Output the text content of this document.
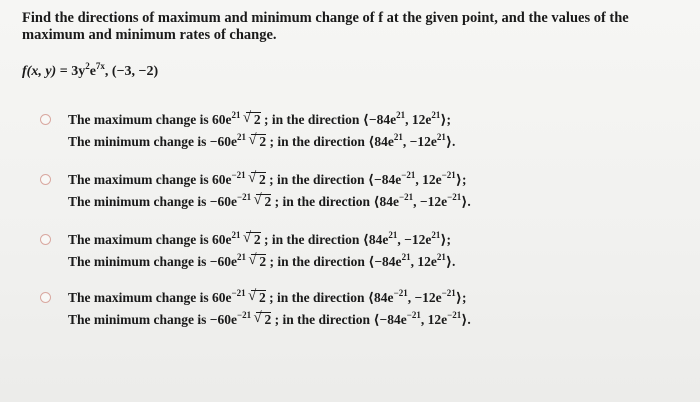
Find the directions of maximum and minimum change of f at the given point, and the values of the maximum and minimum rates of change.
f(x, $y) = 3y^2e^{7x}$, (−3, −2)
The maximum change is $60e^{21}$ √ 2 ; in the direction $⟨-84e^{21}$, $12e^{21}⟩$;
The minimum change is $-60e^{21}$ √ 2 ; in the direction $⟨84e^{21}$, $-12e^{21}⟩$.
The maximum change is $60e^{-21}$ √ 2 ; in the direction $⟨-84e^{-21}$, $12e^{-21}⟩$;
The minimum change is $-60e^{-21}$ √ 2 ; in the direction $⟨84e^{-21}$, $-12e^{-21}⟩$.
The maximum change is $60e^{21}$ √ 2 ; in the direction $⟨84e^{21}$, $-12e^{21}⟩$;
The minimum change is $-60e^{21}$ √ 2 ; in the direction $⟨-84e^{21}$, $12e^{21}⟩$.
The maximum change is $60e^{-21}$ √ 2 ; in the direction $⟨84e^{-21}$, $-12e^{-21}⟩$;
The minimum change is $-60e^{-21}$ √ 2 ; in the direction $⟨-84e^{-21}$, $12e^{-21}⟩$.
